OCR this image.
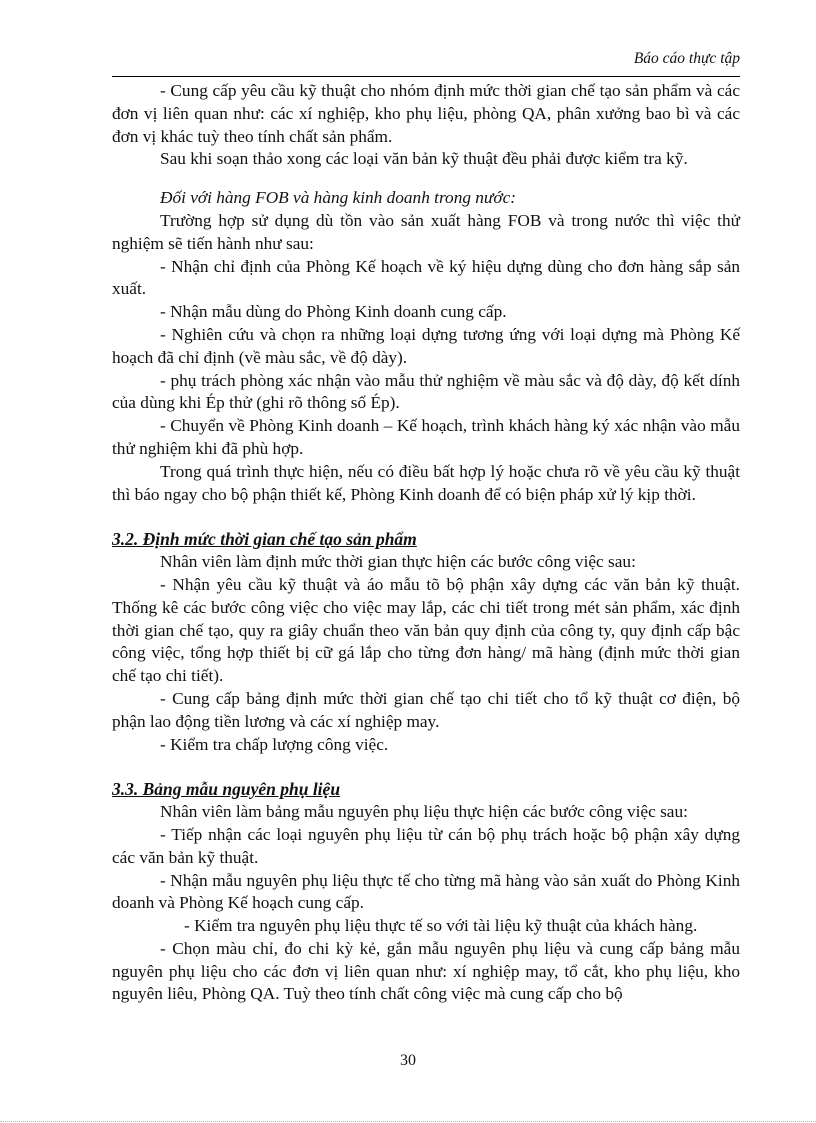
Báo cáo thực tập

- Cung cấp yêu cầu kỹ thuật cho nhóm định mức thời gian chế tạo sản phẩm và các đơn vị liên quan như: các xí nghiệp, kho phụ liệu, phòng QA, phân xưởng bao bì và các đơn vị khác tuỳ theo tính chất sản phẩm.

Sau khi soạn thảo xong các loại văn bản kỹ thuật đều phải được kiểm tra kỹ.

Đối với hàng FOB và hàng kinh doanh trong nước:

Trường hợp sử dụng dù tồn vào sản xuất hàng FOB và trong nước thì việc thử nghiệm sẽ tiến hành như sau:

- Nhận chỉ định của Phòng Kế hoạch về ký hiệu dựng dùng cho đơn hàng sắp sản xuất.

- Nhận mẫu dùng do Phòng Kinh doanh cung cấp.

- Nghiên cứu và chọn ra những loại dựng tương ứng với loại dựng mà Phòng Kế hoạch đã chỉ định (về màu sắc, về độ dày).

- phụ trách phòng xác nhận vào mẫu thử nghiệm về màu sắc và độ dày, độ kết dính của dùng khi Ép thử (ghi rõ thông số Ép).

- Chuyển về Phòng Kinh doanh – Kế hoạch, trình khách hàng ký xác nhận vào mẫu thử nghiệm khi đã phù hợp.

Trong quá trình thực hiện, nếu có điều bất hợp lý hoặc chưa rõ về yêu cầu kỹ thuật thì báo ngay cho bộ phận thiết kế, Phòng Kinh doanh để có biện pháp xử lý kịp thời.

3.2. Định mức thời gian chế tạo sản phẩm

Nhân viên làm định mức thời gian thực hiện các bước công việc sau:

- Nhận yêu cầu kỹ thuật và áo mẫu tõ bộ phận xây dựng các văn bản kỹ thuật. Thống kê các bước công việc cho việc may lắp, các chi tiết trong mét sản phẩm, xác định thời gian chế tạo, quy ra giây chuẩn theo văn bản quy định của công ty, quy định cấp bậc công việc, tổng hợp thiết bị cữ gá lắp cho từng đơn hàng/ mã hàng (định mức thời gian chế tạo chi tiết).

- Cung cấp bảng định mức thời gian chế tạo chi tiết cho tổ kỹ thuật cơ điện, bộ phận lao động tiền lương và các xí nghiệp may.

- Kiểm tra chấp lượng công việc.

3.3. Bảng mẫu nguyên phụ liệu

Nhân viên làm bảng mẫu nguyên phụ liệu thực hiện các bước công việc sau:

- Tiếp nhận các loại nguyên phụ liệu từ cán bộ phụ trách hoặc bộ phận xây dựng các văn bản kỹ thuật.

- Nhận mẫu nguyên phụ liệu thực tế cho từng mã hàng vào sản xuất do Phòng Kinh doanh và Phòng Kế hoạch cung cấp.

- Kiểm tra nguyên phụ liệu thực tế so với tài liệu kỹ thuật của khách hàng.

- Chọn màu chỉ, đo chi kỳ kẻ, gắn mẫu nguyên phụ liệu và cung cấp bảng mẫu nguyên phụ liệu cho các đơn vị liên quan như: xí nghiệp may, tổ cắt, kho phụ liệu, kho nguyên liêu, Phòng QA. Tuỳ theo tính chất công việc mà cung cấp cho bộ

30
